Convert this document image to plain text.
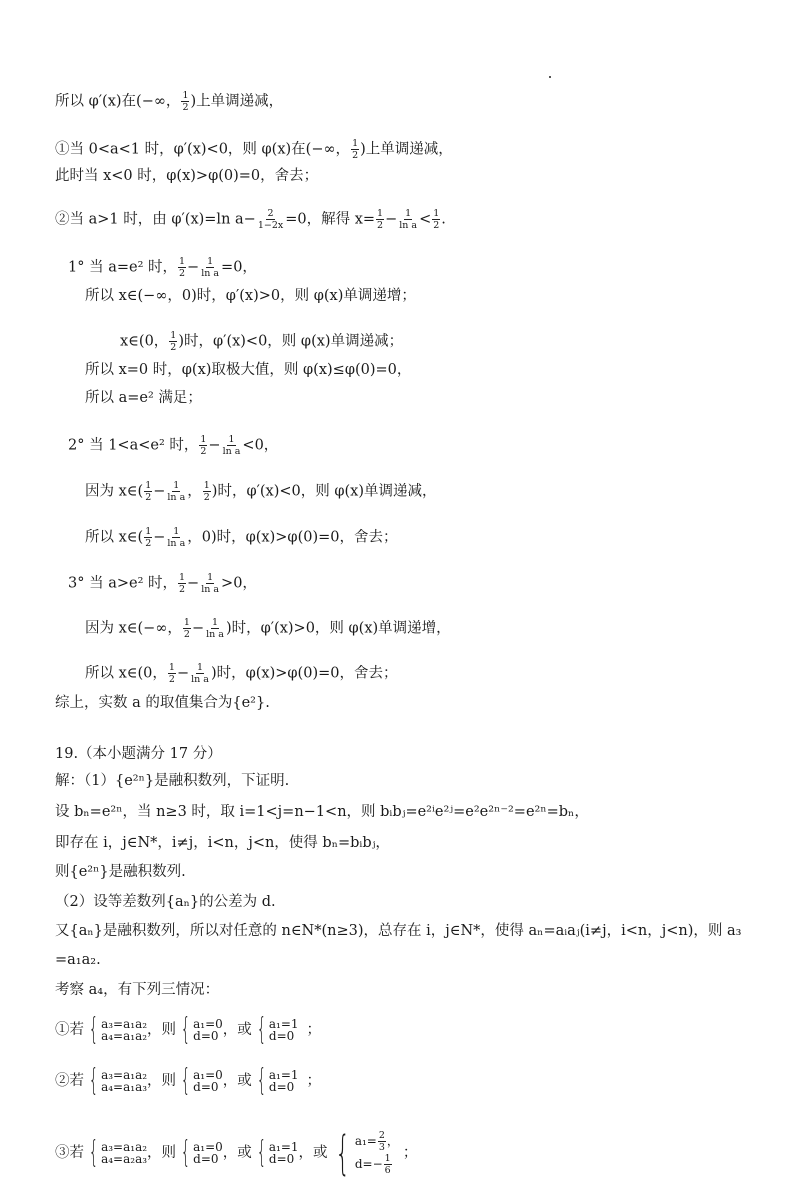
所以 φ′(x)在(−∞， $\frac{1}{2}$ )上单调递减，
①当 0<a<1 时，φ′(x)<0，则 φ(x)在(−∞， $\frac{1}{2}$ )上单调递减，
此时当 x<0 时，φ(x)>φ(0)=0，舍去；
②当 a>1 时，由 φ′(x)=ln $a- \frac{2}{1-2x} =0$，解得 $x= \frac{1}{2} - \frac{1}{\text{ln a}} < \frac{1}{2}$ .
1° 当 a=e² 时， $\frac{1}{2} - \frac{1}{\text{ln a}} =0$，
所以 x∈(−∞，0)时，φ′(x)>0，则 φ(x)单调递增；
x∈(0， $\frac{1}{2}$ )时，φ′(x)<0，则 φ(x)单调递减；
所以 x=0 时，φ(x)取极大值，则 φ(x)≤φ(0)=0，
所以 a=e² 满足；
2° 当 1<a<e² 时， $\frac{1}{2} - \frac{1}{\text{ln a}} <0$，
因为 x∈( $\frac{1}{2} - \frac{1}{\text{ln a}}$ ， $\frac{1}{2}$ )时，φ′(x)<0，则 φ(x)单调递减，
所以 x∈( $\frac{1}{2} - \frac{1}{\text{ln a}}$ ，0)时，φ(x)>φ(0)=0，舍去；
3° 当 a>e² 时， $\frac{1}{2} - \frac{1}{\text{ln a}} >0$，
因为 x∈(−∞， $\frac{1}{2} - \frac{1}{\text{ln a}}$ )时，φ′(x)>0，则 φ(x)单调递增，
所以 x∈(0， $\frac{1}{2} - \frac{1}{\text{ln a}}$ )时，φ(x)>φ(0)=0，舍去；
综上，实数 a 的取值集合为{e²}.
19.（本小题满分 17 分）
解：（1）{e²ⁿ}是融积数列，下证明.
设 bₙ=e²ⁿ，当 n≥3 时，取 i=1<j=n−1<n，则 bᵢbⱼ=e²ⁱe²ʲ=e²e²ⁿ⁻²=e²ⁿ=bₙ，
即存在 i，j∈N*，i≠j，i<n，j<n，使得 bₙ=bᵢbⱼ，
则{e²ⁿ}是融积数列.
（2）设等差数列{aₙ}的公差为 d.
又{aₙ}是融积数列，所以对任意的 n∈N*(n≥3)，总存在 i，j∈N*，使得 aₙ=aᵢaⱼ(i≠j，i<n，j<n)，则 a₃
=a₁a₂.
考察 a₄，有下列三情况：
①若 { a₃=a₁a₂
a₄=a₁a₂ ，则 { a₁=0
d=0 ，或 { a₁=1
d=0 ；
②若 { a₃=a₁a₂
a₄=a₁a₃ ，则 { a₁=0
d=0 ，或 { a₁=1
d=0 ；
③若 { a₃=a₁a₂
a₄=a₂a₃ ，则 { a₁=0
d=0 ，或 { a₁=1
d=0 ，或 { $a_1= \frac{2}{3}$ ，
$d=- \frac{1}{6}$ ；
